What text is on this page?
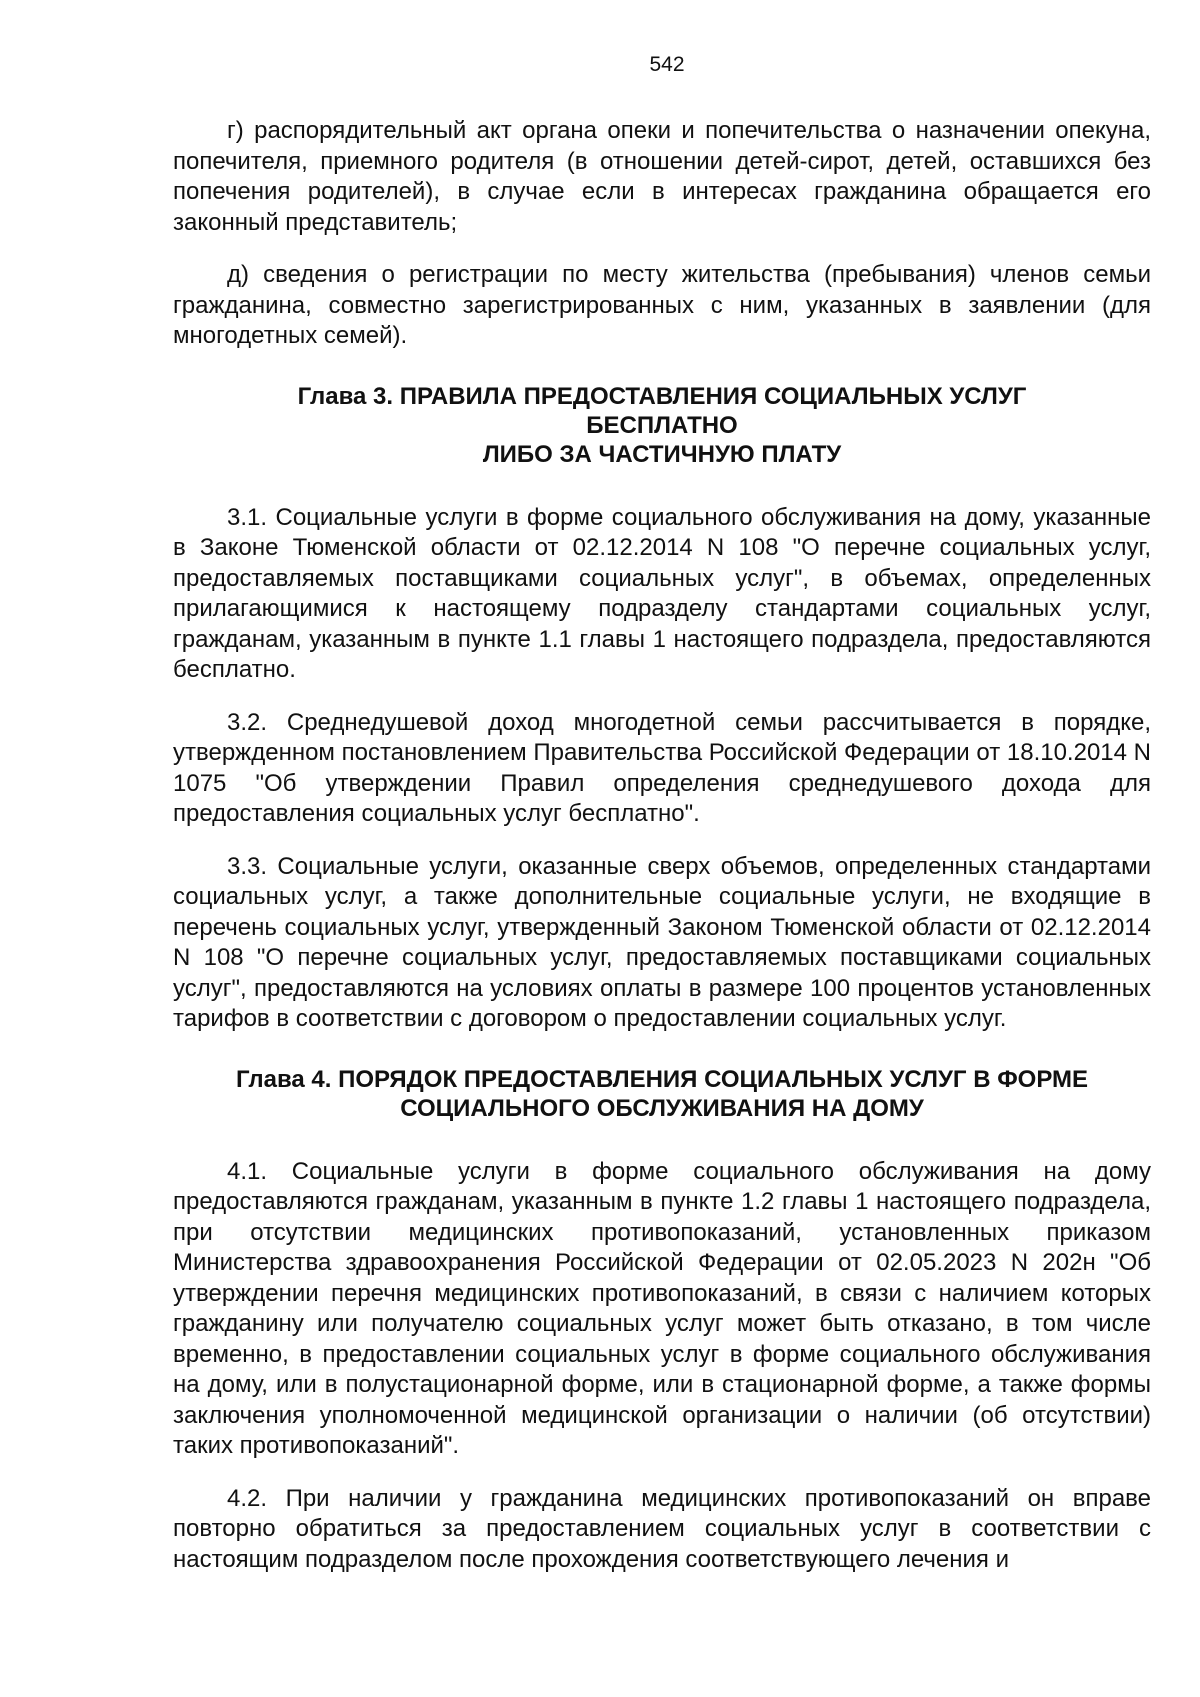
542

г) распорядительный акт органа опеки и попечительства о назначении опекуна, попечителя, приемного родителя (в отношении детей-сирот, детей, оставшихся без попечения родителей), в случае если в интересах гражданина обращается его законный представитель;

д) сведения о регистрации по месту жительства (пребывания) членов семьи гражданина, совместно зарегистрированных с ним, указанных в заявлении (для многодетных семей).

Глава 3. ПРАВИЛА ПРЕДОСТАВЛЕНИЯ СОЦИАЛЬНЫХ УСЛУГ
БЕСПЛАТНО
ЛИБО ЗА ЧАСТИЧНУЮ ПЛАТУ

3.1. Социальные услуги в форме социального обслуживания на дому, указанные в Законе Тюменской области от 02.12.2014 N 108 "О перечне социальных услуг, предоставляемых поставщиками социальных услуг", в объемах, определенных прилагающимися к настоящему подразделу стандартами социальных услуг, гражданам, указанным в пункте 1.1 главы 1 настоящего подраздела, предоставляются бесплатно.

3.2. Среднедушевой доход многодетной семьи рассчитывается в порядке, утвержденном постановлением Правительства Российской Федерации от 18.10.2014 N 1075 "Об утверждении Правил определения среднедушевого дохода для предоставления социальных услуг бесплатно".

3.3. Социальные услуги, оказанные сверх объемов, определенных стандартами социальных услуг, а также дополнительные социальные услуги, не входящие в перечень социальных услуг, утвержденный Законом Тюменской области от 02.12.2014 N 108 "О перечне социальных услуг, предоставляемых поставщиками социальных услуг", предоставляются на условиях оплаты в размере 100 процентов установленных тарифов в соответствии с договором о предоставлении социальных услуг.

Глава 4. ПОРЯДОК ПРЕДОСТАВЛЕНИЯ СОЦИАЛЬНЫХ УСЛУГ В ФОРМЕ
СОЦИАЛЬНОГО ОБСЛУЖИВАНИЯ НА ДОМУ

4.1. Социальные услуги в форме социального обслуживания на дому предоставляются гражданам, указанным в пункте 1.2 главы 1 настоящего подраздела, при отсутствии медицинских противопоказаний, установленных приказом Министерства здравоохранения Российской Федерации от 02.05.2023 N 202н "Об утверждении перечня медицинских противопоказаний, в связи с наличием которых гражданину или получателю социальных услуг может быть отказано, в том числе временно, в предоставлении социальных услуг в форме социального обслуживания на дому, или в полустационарной форме, или в стационарной форме, а также формы заключения уполномоченной медицинской организации о наличии (об отсутствии) таких противопоказаний".

4.2. При наличии у гражданина медицинских противопоказаний он вправе повторно обратиться за предоставлением социальных услуг в соответствии с настоящим подразделом после прохождения соответствующего лечения и
